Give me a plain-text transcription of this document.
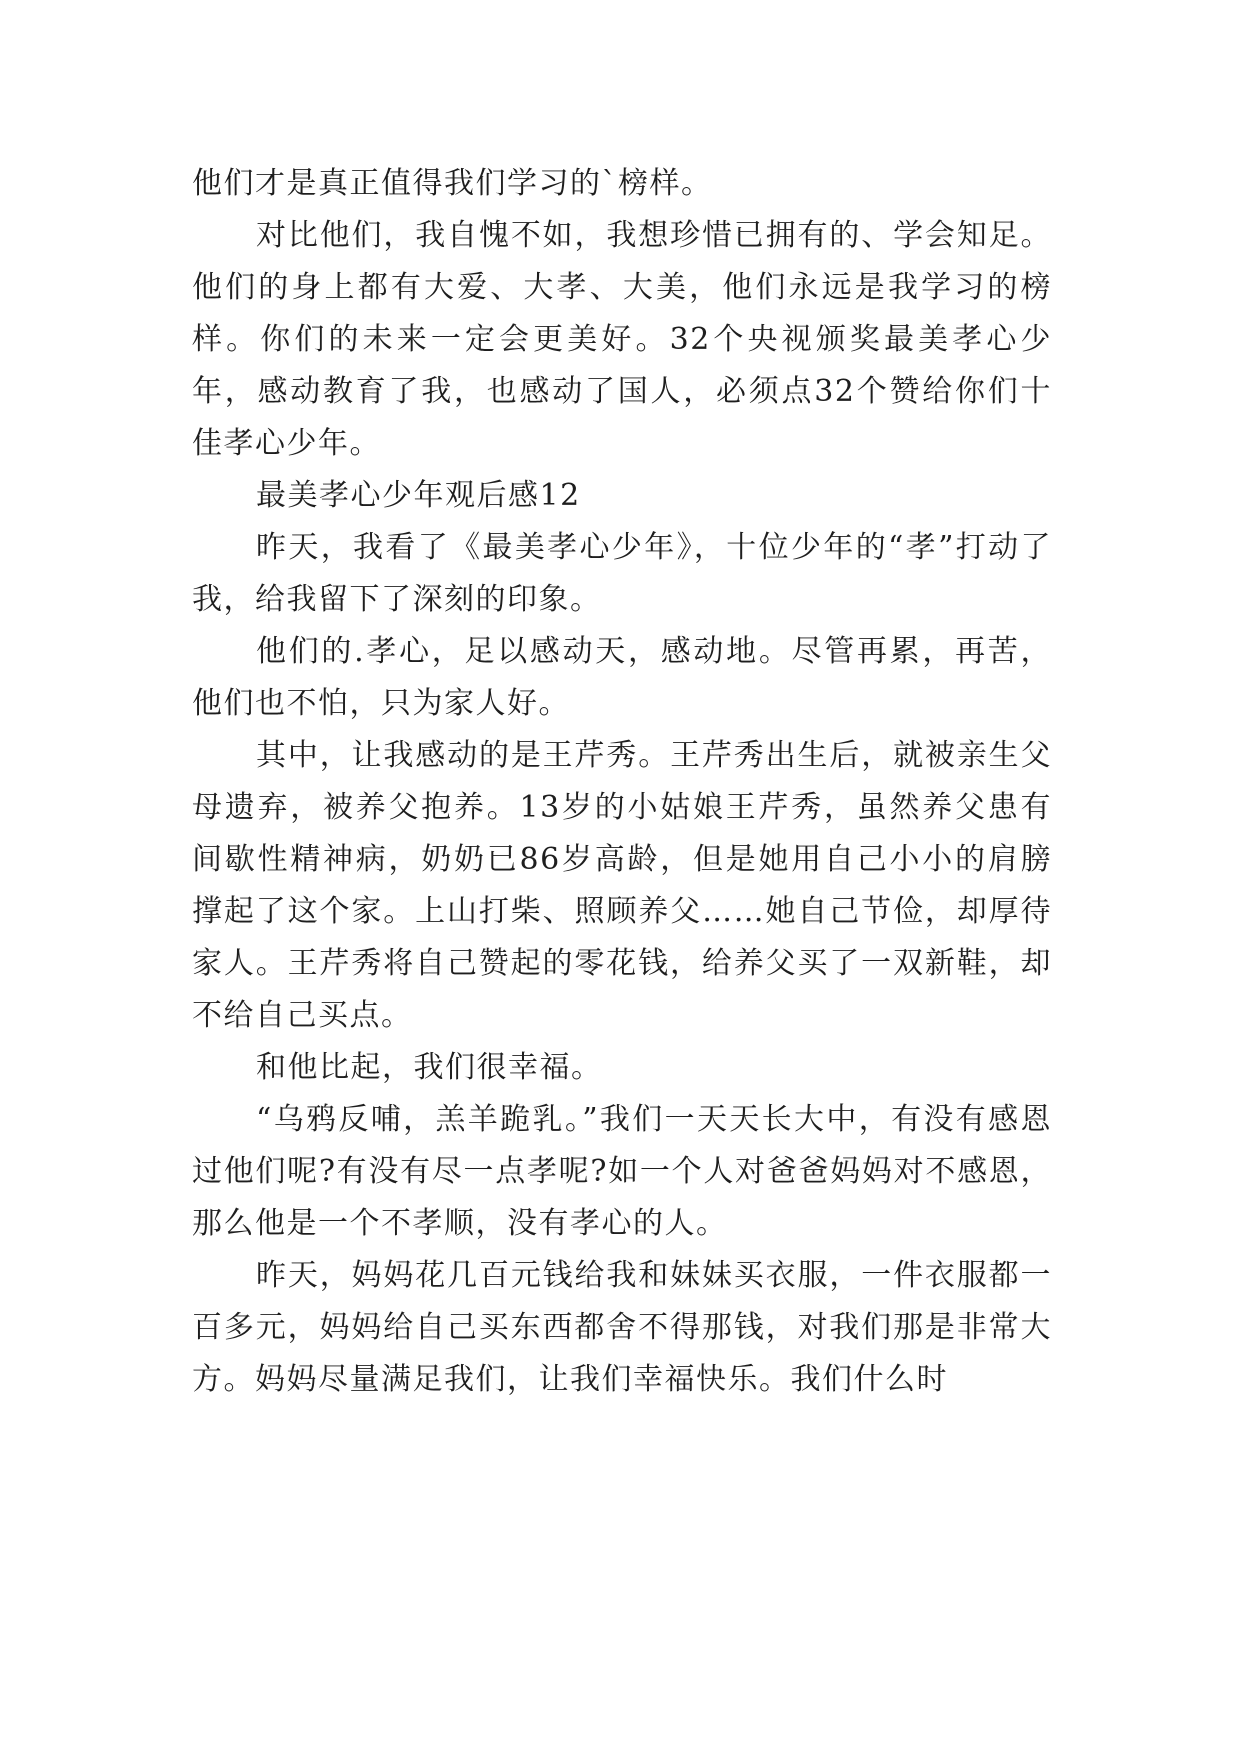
他们才是真正值得我们学习的`榜样。

对比他们，我自愧不如，我想珍惜已拥有的、学会知足。他们的身上都有大爱、大孝、大美，他们永远是我学习的榜样。你们的未来一定会更美好。32个央视颁奖最美孝心少年，感动教育了我，也感动了国人，必须点32个赞给你们十佳孝心少年。

最美孝心少年观后感12

昨天，我看了《最美孝心少年》，十位少年的“孝”打动了我，给我留下了深刻的印象。

他们的.孝心，足以感动天，感动地。尽管再累，再苦，他们也不怕，只为家人好。

其中，让我感动的是王芹秀。王芹秀出生后，就被亲生父母遗弃，被养父抱养。13岁的小姑娘王芹秀，虽然养父患有间歇性精神病，奶奶已86岁高龄，但是她用自己小小的肩膀撑起了这个家。上山打柴、照顾养父……她自己节俭，却厚待家人。王芹秀将自己赞起的零花钱，给养父买了一双新鞋，却不给自己买点。

和他比起，我们很幸福。

“乌鸦反哺，羔羊跪乳。”我们一天天长大中，有没有感恩过他们呢?有没有尽一点孝呢?如一个人对爸爸妈妈对不感恩，那么他是一个不孝顺，没有孝心的人。

昨天，妈妈花几百元钱给我和妹妹买衣服，一件衣服都一百多元，妈妈给自己买东西都舍不得那钱，对我们那是非常大方。妈妈尽量满足我们，让我们幸福快乐。我们什么时
